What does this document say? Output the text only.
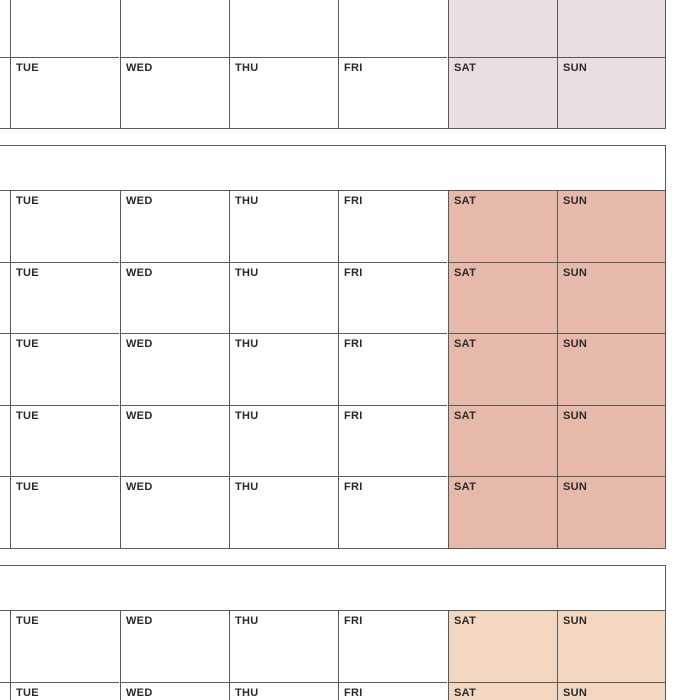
TUE	WED	THU	FRI	SAT	SUN
TUE	WED	THU	FRI	SAT	SUN
TUE	WED	THU	FRI	SAT	SUN
TUE	WED	THU	FRI	SAT	SUN
TUE	WED	THU	FRI	SAT	SUN
TUE	WED	THU	FRI	SAT	SUN
TUE	WED	THU	FRI	SAT	SUN
TUE	WED	THU	FRI	SAT	SUN
